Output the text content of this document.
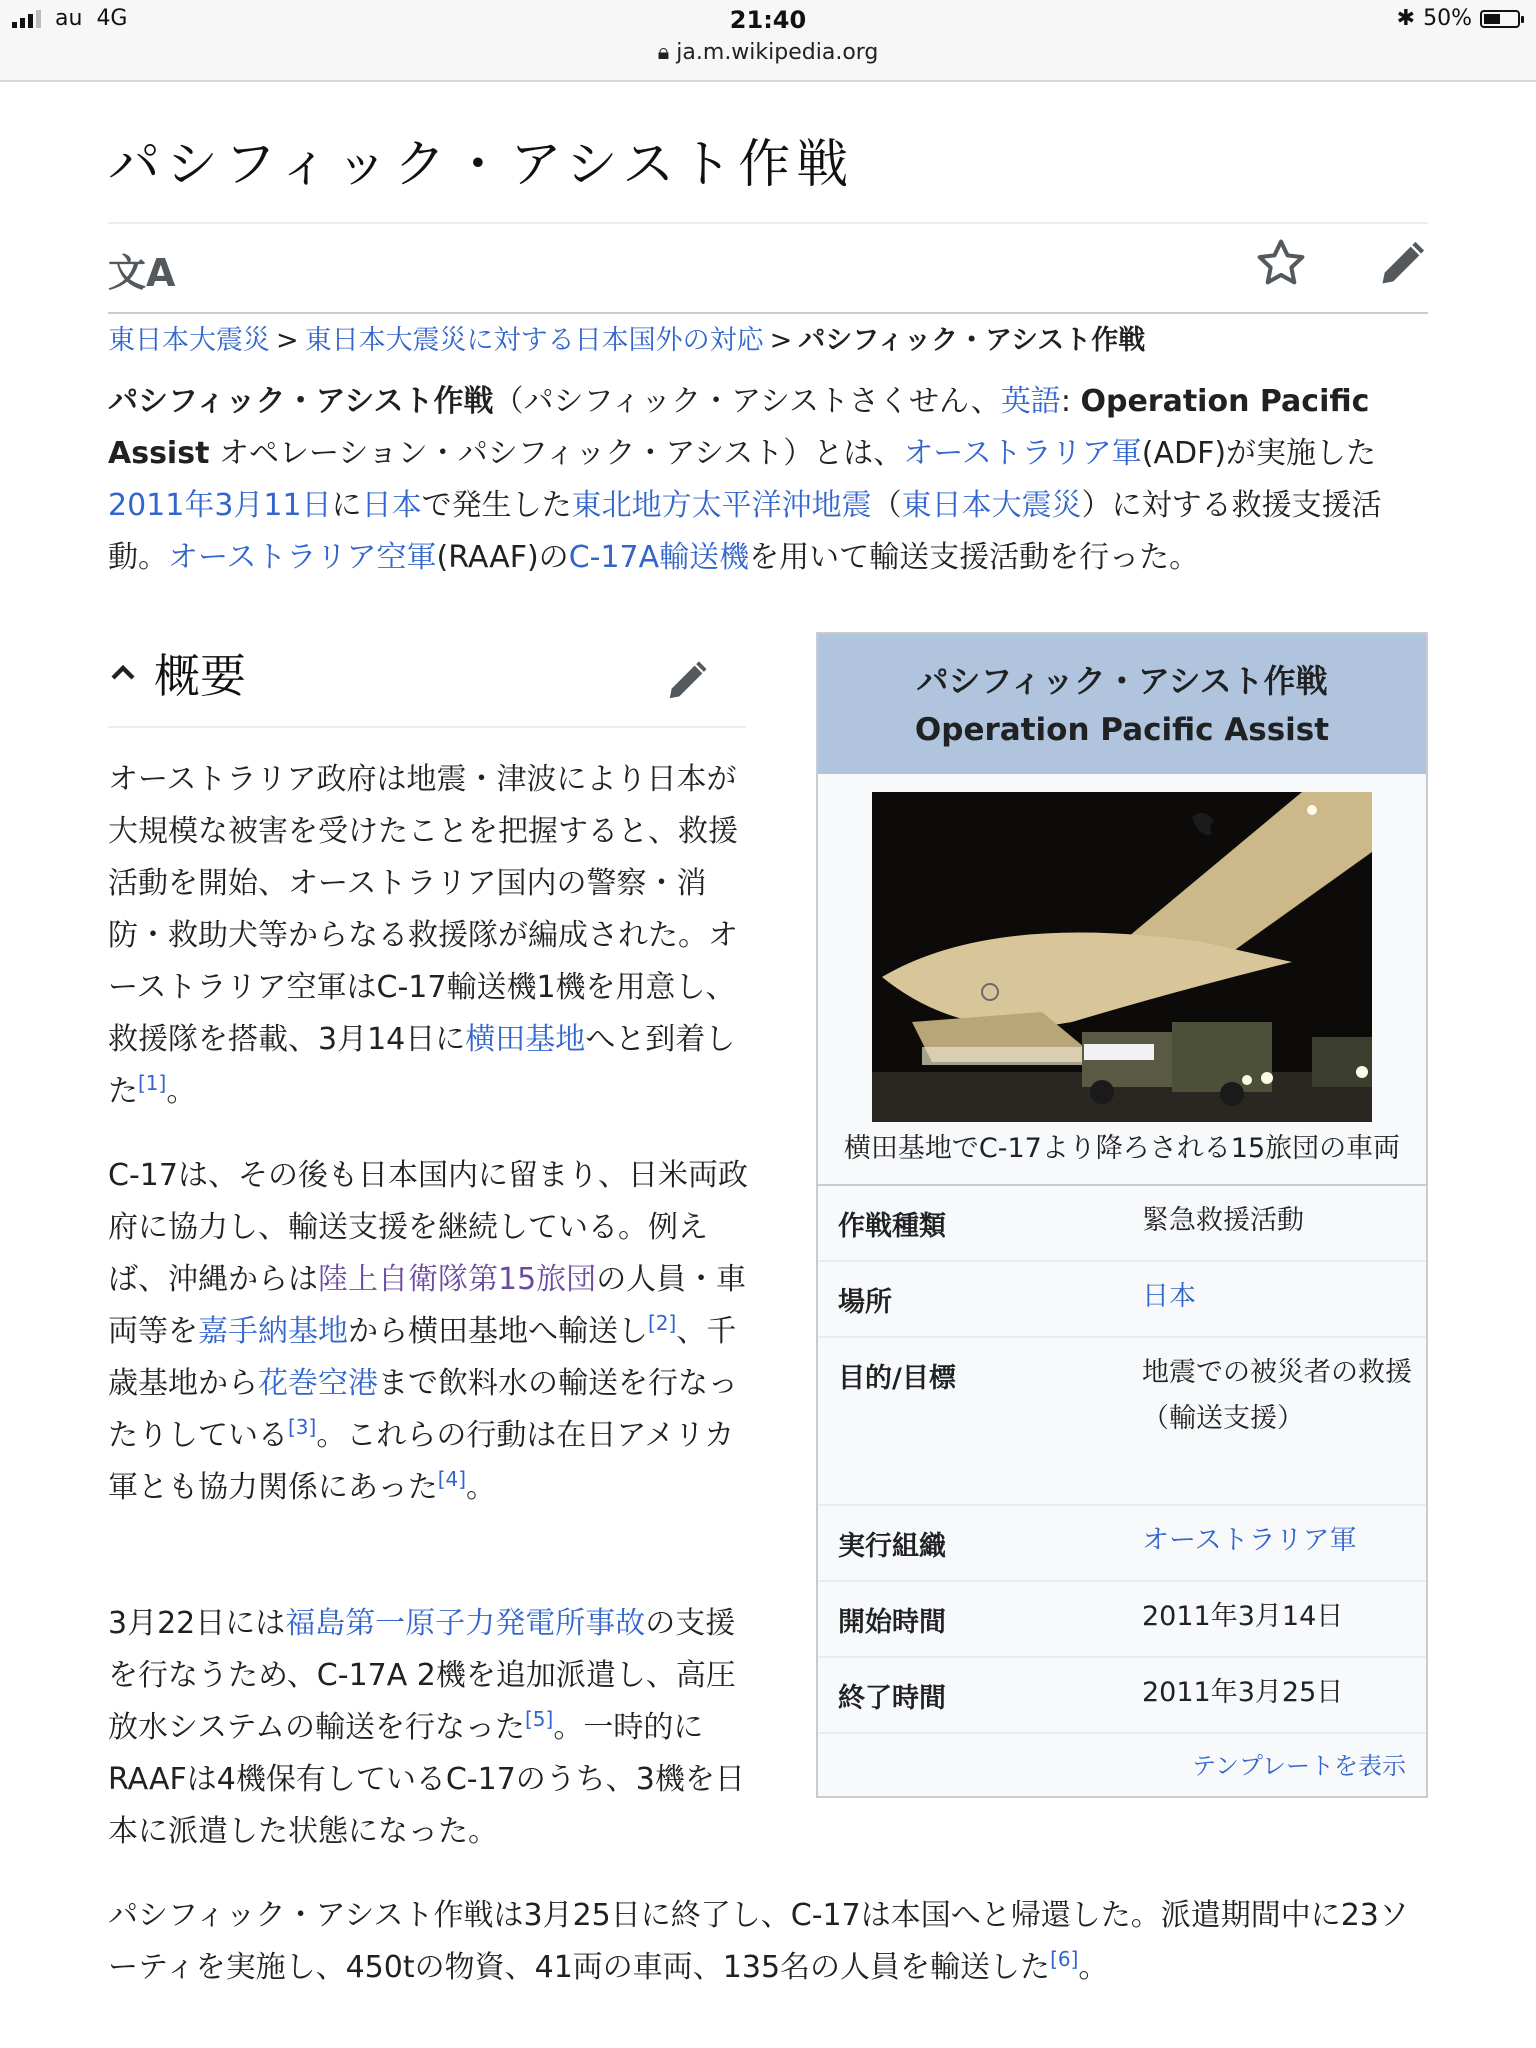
au 4G	21:40
🔒︎ ja.m.wikipedia.org
✱ 50%
パシフィック・アシスト作戦
文A
東日本大震災 > 東日本大震災に対する日本国外の対応 > パシフィック・アシスト作戦

パシフィック・アシスト作戦（パシフィック・アシストさくせん、英語: Operation Pacific Assist オペレーション・パシフィック・アシスト）とは、オーストラリア軍(ADF)が実施した2011年3月11日に日本で発生した東北地方太平洋沖地震（東日本大震災）に対する救援支援活動。オーストラリア空軍(RAAF)のC-17A輸送機を用いて輸送支援活動を行った。

概要

オーストラリア政府は地震・津波により日本が大規模な被害を受けたことを把握すると、救援活動を開始、オーストラリア国内の警察・消防・救助犬等からなる救援隊が編成された。オーストラリア空軍はC-17輸送機1機を用意し、救援隊を搭載、3月14日に横田基地へと到着した[1]。

C-17は、その後も日本国内に留まり、日米両政府に協力し、輸送支援を継続している。例えば、沖縄からは陸上自衛隊第15旅団の人員・車両等を嘉手納基地から横田基地へ輸送し[2]、千歳基地から花巻空港まで飲料水の輸送を行なったりしている[3]。これらの行動は在日アメリカ軍とも協力関係にあった[4]。

3月22日には福島第一原子力発電所事故の支援を行なうため、C-17A 2機を追加派遣し、高圧放水システムの輸送を行なった[5]。一時的にRAAFは4機保有しているC-17のうち、3機を日本に派遣した状態になった。

パシフィック・アシスト作戦は3月25日に終了し、C-17は本国へと帰還した。派遣期間中に23ソーティを実施し、450tの物資、41両の車両、135名の人員を輸送した[6]。

パシフィック・アシスト作戦
Operation Pacific Assist
横田基地でC-17より降ろされる15旅団の車両
作戦種類	緊急救援活動
場所	日本
目的/目標	地震での被災者の救援
（輸送支援）
実行組織	オーストラリア軍
開始時間	2011年3月14日
終了時間	2011年3月25日
テンプレートを表示
